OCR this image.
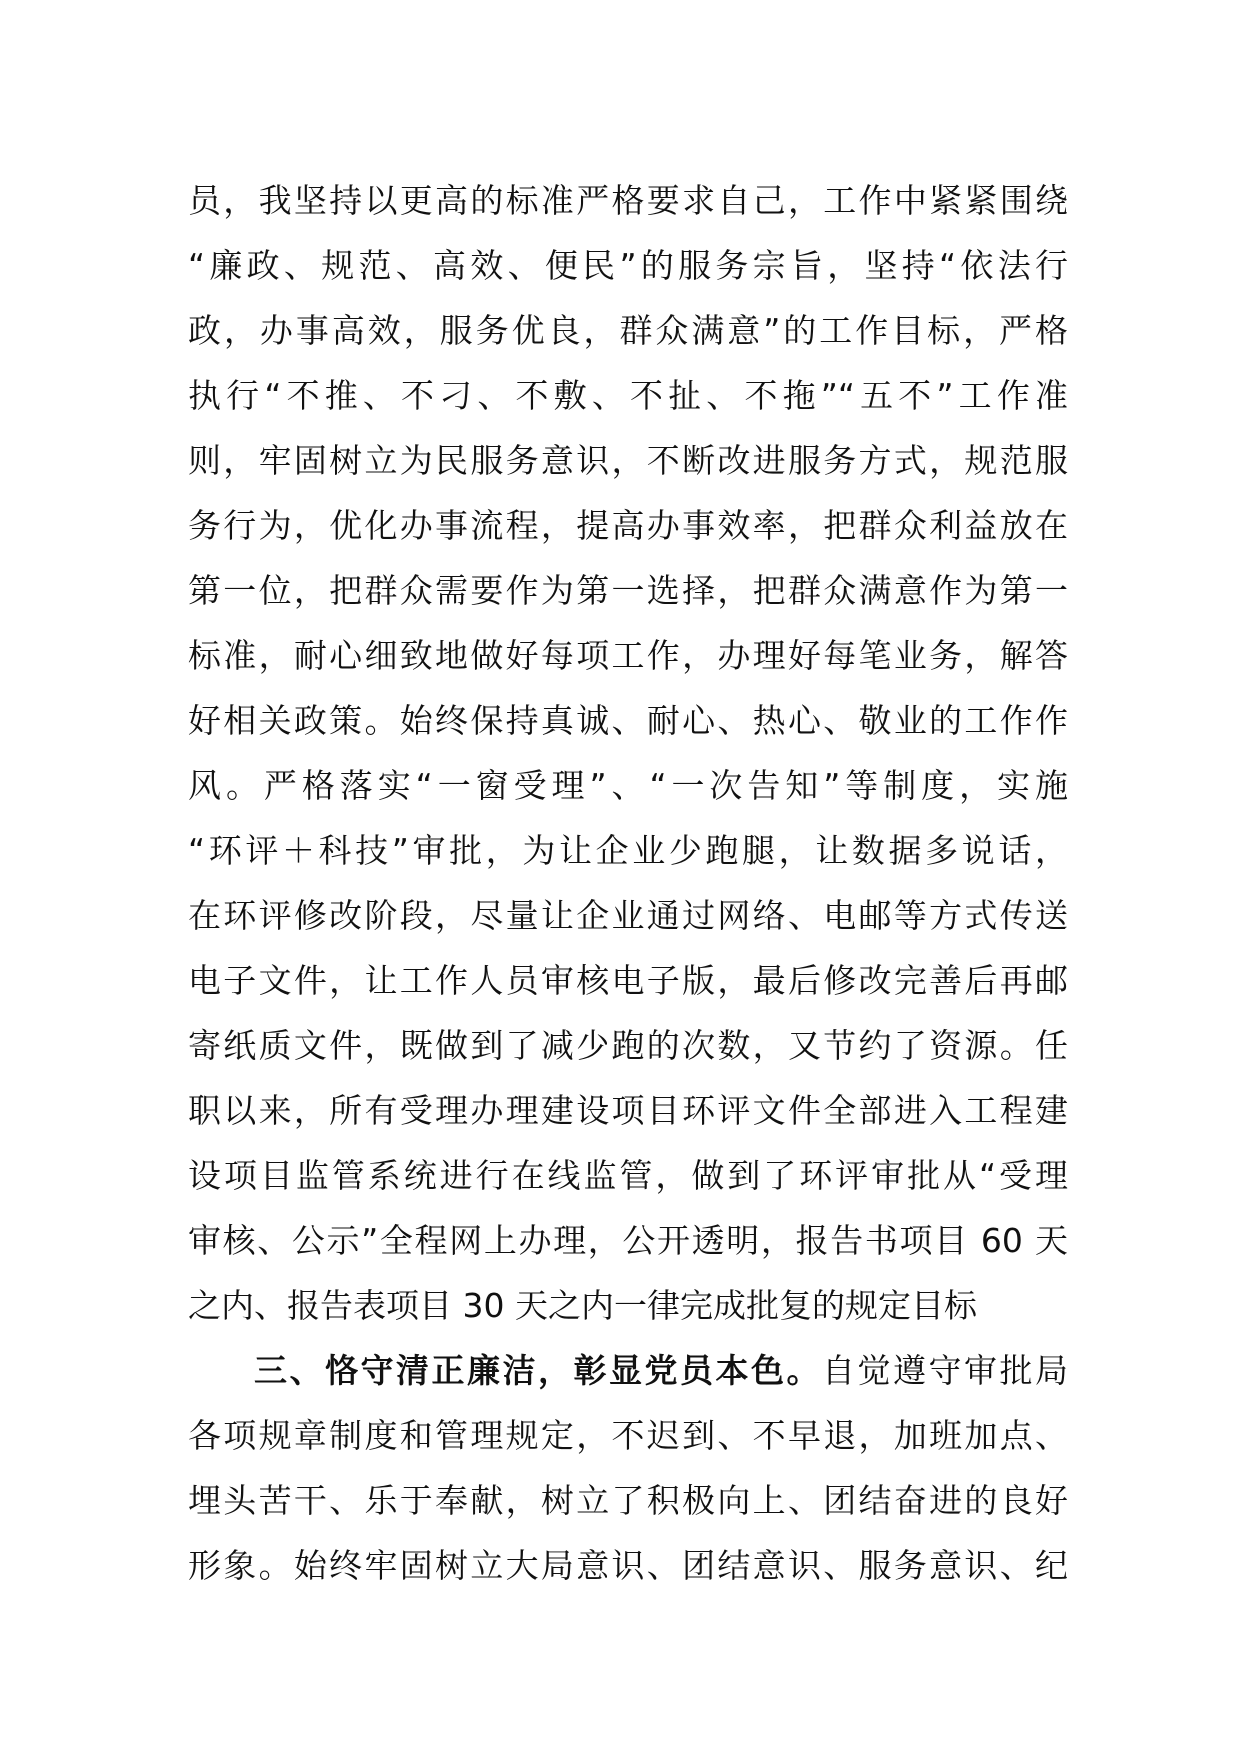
员，我坚持以更高的标准严格要求自己，工作中紧紧围绕
“廉政、规范、高效、便民”的服务宗旨，坚持“依法行
政，办事高效，服务优良，群众满意”的工作目标，严格
执行“不推、不刁、不敷、不扯、不拖”“五不”工作准
则，牢固树立为民服务意识，不断改进服务方式，规范服
务行为，优化办事流程，提高办事效率，把群众利益放在
第一位，把群众需要作为第一选择，把群众满意作为第一
标准，耐心细致地做好每项工作，办理好每笔业务，解答
好相关政策。始终保持真诚、耐心、热心、敬业的工作作
风。严格落实“一窗受理”、“一次告知”等制度，实施
“环评＋科技”审批，为让企业少跑腿，让数据多说话，
在环评修改阶段，尽量让企业通过网络、电邮等方式传送
电子文件，让工作人员审核电子版，最后修改完善后再邮
寄纸质文件，既做到了减少跑的次数，又节约了资源。任
职以来，所有受理办理建设项目环评文件全部进入工程建
设项目监管系统进行在线监管，做到了环评审批从“受理
审核、公示”全程网上办理，公开透明，报告书项目 60 天
之内、报告表项目 30 天之内一律完成批复的规定目标
三、恪守清正廉洁，彰显党员本色。自觉遵守审批局
各项规章制度和管理规定，不迟到、不早退，加班加点、
埋头苦干、乐于奉献，树立了积极向上、团结奋进的良好
形象。始终牢固树立大局意识、团结意识、服务意识、纪
